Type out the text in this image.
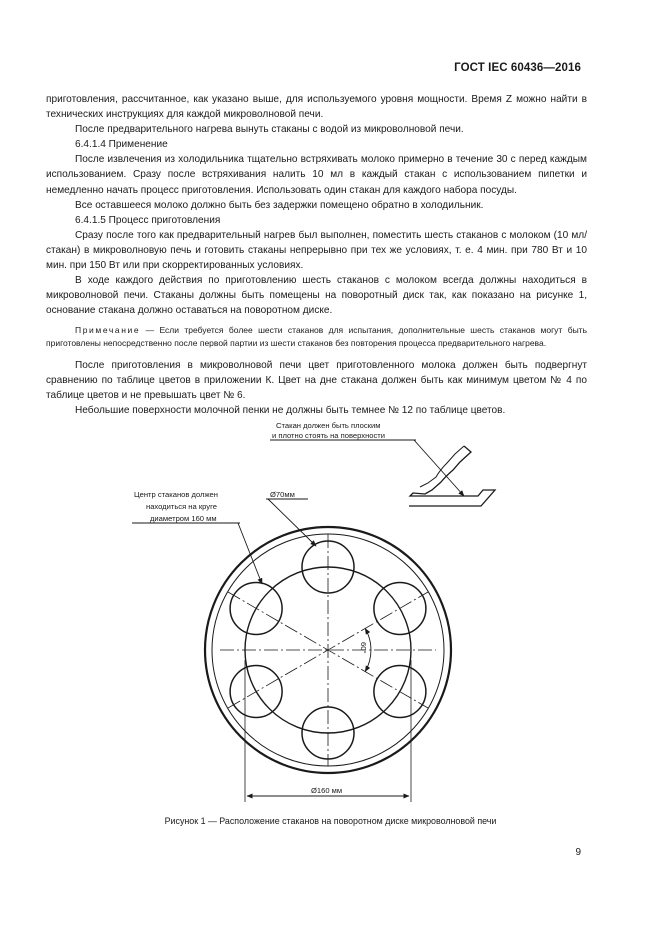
ГОСТ IEC 60436—2016

приготовления, рассчитанное, как указано выше, для используемого уровня мощности. Время Z можно найти в технических инструкциях для каждой микроволновой печи.

После предварительного нагрева вынуть стаканы с водой из микроволновой печи.

6.4.1.4 Применение

После извлечения из холодильника тщательно встряхивать молоко примерно в течение 30 с перед каждым использованием. Сразу после встряхивания налить 10 мл в каждый стакан с использованием пипетки и немедленно начать процесс приготовления. Использовать один стакан для каждого набора посуды.

Все оставшееся молоко должно быть без задержки помещено обратно в холодильник.

6.4.1.5 Процесс приготовления

Сразу после того как предварительный нагрев был выполнен, поместить шесть стаканов с молоком (10 мл/стакан) в микроволновую печь и готовить стаканы непрерывно при тех же условиях, т. е. 4 мин. при 780 Вт и 10 мин. при 150 Вт или при скорректированных условиях.

В ходе каждого действия по приготовлению шесть стаканов с молоком всегда должны находиться в микроволновой печи. Стаканы должны быть помещены на поворотный диск так, как показано на рисунке 1, основание стакана должно оставаться на поворотном диске.

Примечание — Если требуется более шести стаканов для испытания, дополнительные шесть стаканов могут быть приготовлены непосредственно после первой партии из шести стаканов без повторения процесса предварительного нагрева.

После приготовления в микроволновой печи цвет приготовленного молока должен быть подвергнут сравнению по таблице цветов в приложении К. Цвет на дне стакана должен быть как минимум цветом № 4 по таблице цветов и не превышать цвет № 6.

Небольшие поверхности молочной пенки не должны быть темнее № 12 по таблице цветов.

Стакан должен быть плоским
и плотно стоять на поверхности
Центр стаканов должен
находиться на круге
диаметром 160 мм
Ø70мм
Ø160 мм
60°
Рисунок 1 — Расположение стаканов на поворотном диске микроволновой печи
9
